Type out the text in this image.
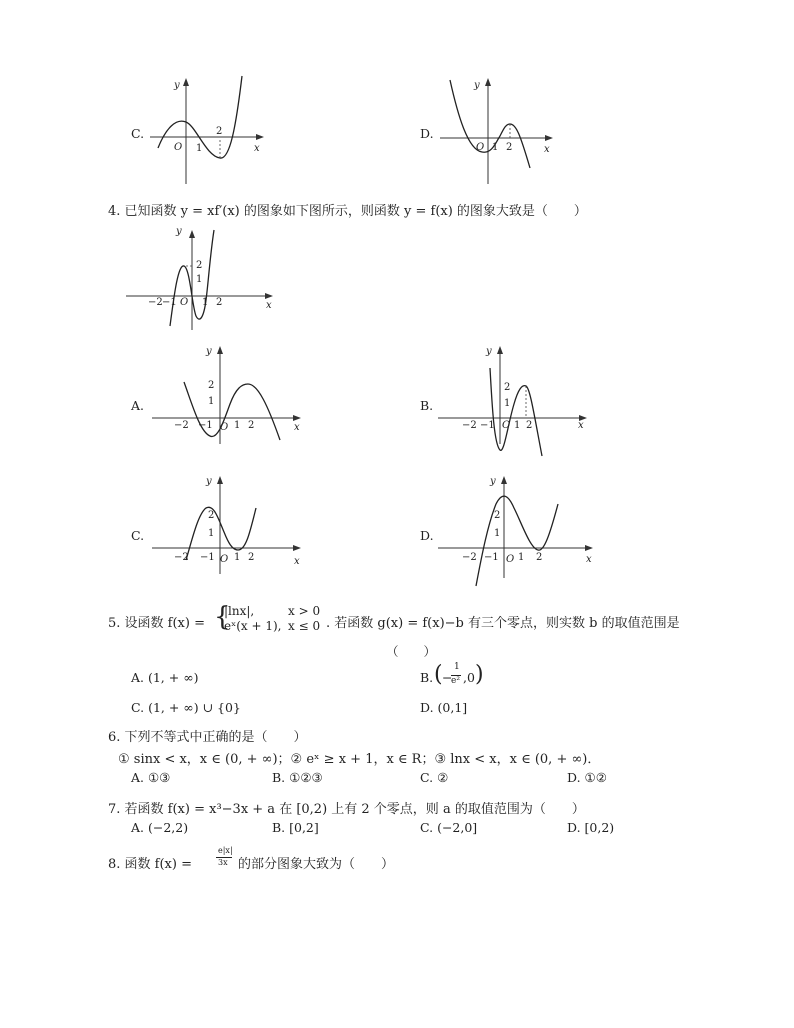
C.
y
x
O 1
2	D.
y
x
O 1 2
4. 已知函数 y = xf′(x) 的图象如下图所示，则函数 y = f(x) 的图象大致是（　　）
y
x
O
−2 −1	1 2
2
1
A.
y
x
O
−2 −1 1 2
2
1	B.
y
x
O
−2 −1 1 2
2
1
C.
y
x
O
−2 −1 1 2
2
1	D.
y
x
O
−2 −1 1 2
2
1
5. 设函数 f(x) = {
|lnx|,	x > 0
eˣ(x + 1), x ≤ 0 . 若函数 g(x) = f(x)−b 有三个零点，则实数 b 的取值范围是
（　　）
A. (1, + ∞)	B. ( −
1
e² ,0 )
C. (1, + ∞) ∪ {0}	D. (0,1]
6. 下列不等式中正确的是（　　）
① sinx < x，x ∈ (0, + ∞)；② eˣ ≥ x + 1，x ∈ R；③ lnx < x，x ∈ (0, + ∞)．
A. ①③	B. ①②③	C. ②	D. ①②
7. 若函数 f(x) = x³−3x + a 在 [0,2) 上有 2 个零点，则 a 的取值范围为（　　）
A. (−2,2)	B. [0,2]	C. (−2,0]	D. [0,2)
8. 函数 f(x) =
e|x|
3x 的部分图象大致为（　　）
